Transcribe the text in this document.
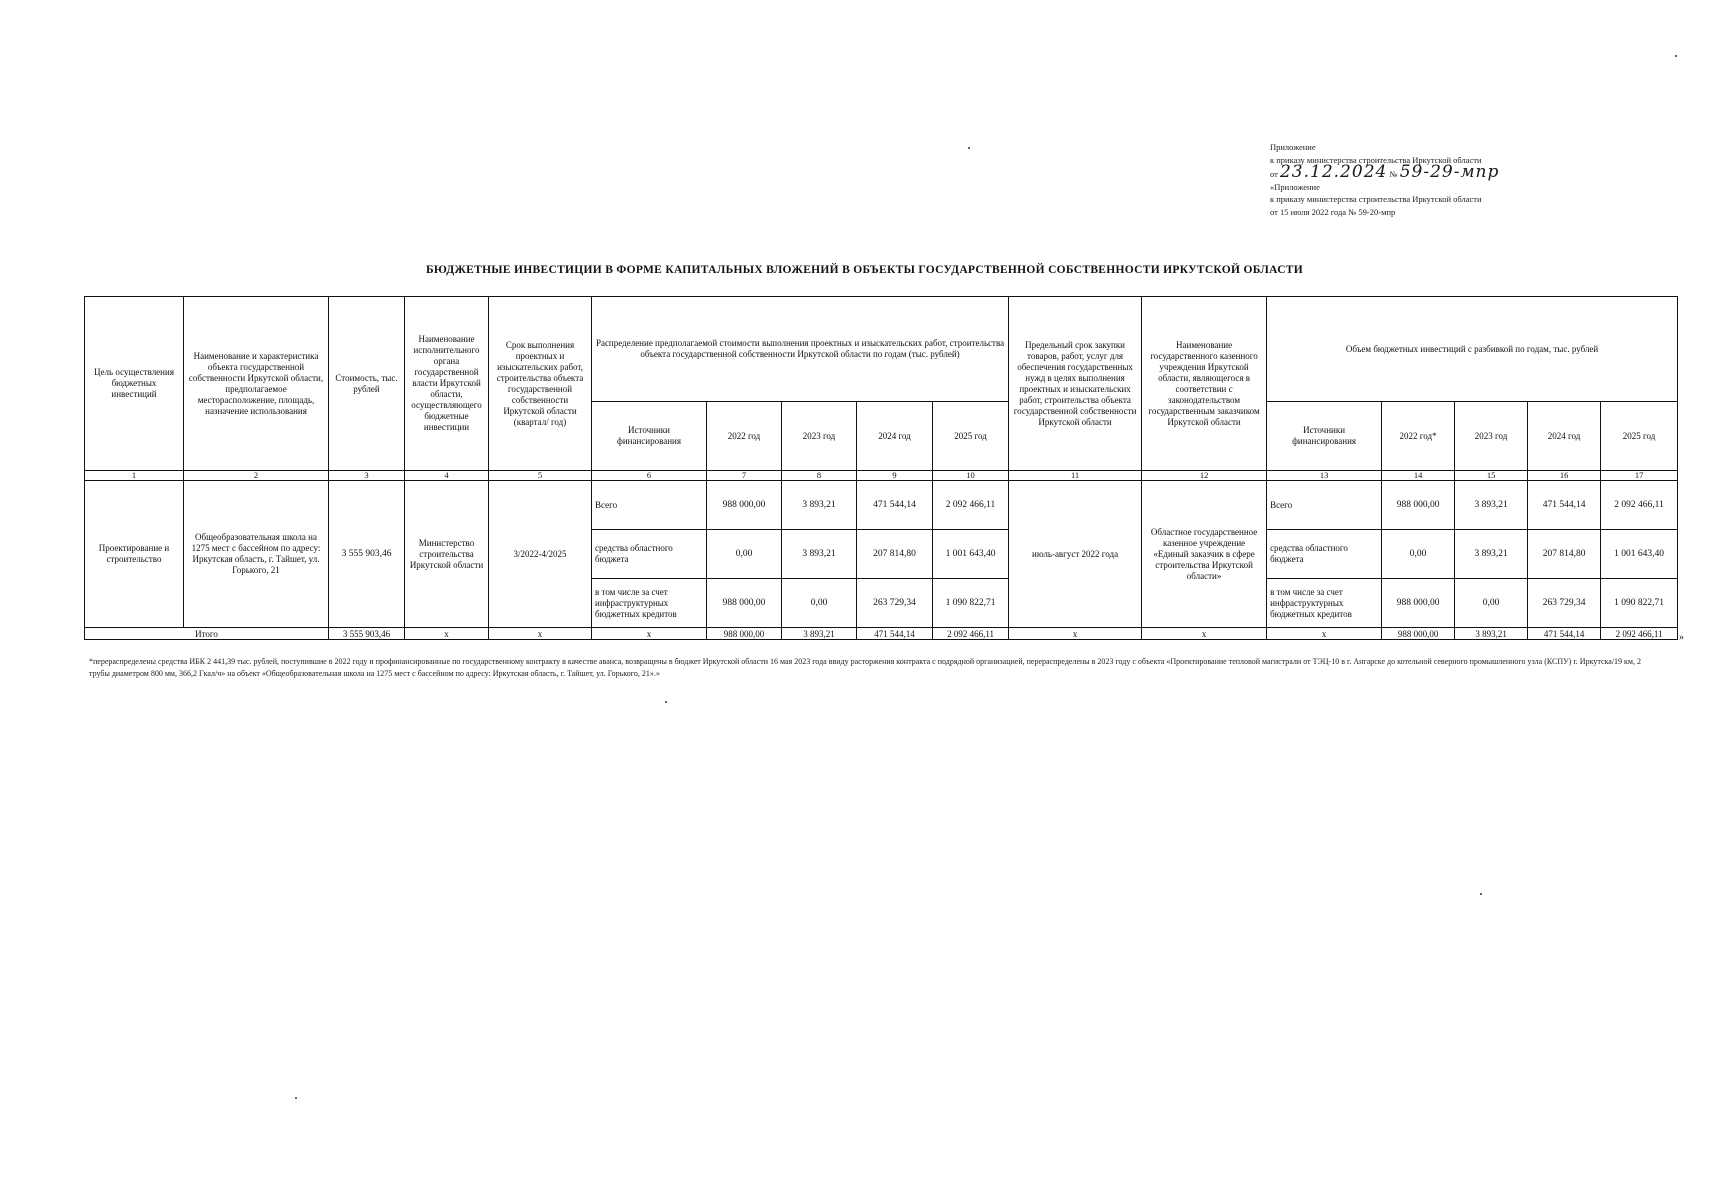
Приложение
к приказу министерства строительства Иркутской области
от 23.12.2024 № 59-29-мпр
«Приложение
к приказу министерства строительства Иркутской области
от 15 июля 2022 года № 59-20-мпр
БЮДЖЕТНЫЕ ИНВЕСТИЦИИ В ФОРМЕ КАПИТАЛЬНЫХ ВЛОЖЕНИЙ В ОБЪЕКТЫ ГОСУДАРСТВЕННОЙ СОБСТВЕННОСТИ ИРКУТСКОЙ ОБЛАСТИ
Цель осуществления бюджетных инвестиций	Наименование и характеристика объекта государственной собственности Иркутской области, предполагаемое месторасположение, площадь, назначение использования	Стоимость, тыс. рублей	Наименование исполнительного органа государственной власти Иркутской области, осуществляющего бюджетные инвестиции	Срок выполнения проектных и изыскательских работ, строительства объекта государственной собственности Иркутской области (квартал/ год)	Распределение предполагаемой стоимости выполнения проектных и изыскательских работ, строительства объекта государственной собственности Иркутской области по годам (тыс. рублей)					Предельный срок закупки товаров, работ, услуг для обеспечения государственных нужд в целях выполнения проектных и изыскательских работ, строительства объекта государственной собственности Иркутской области	Наименование государственного казенного учреждения Иркутской области, являющегося в соответствии с законодательством государственным заказчиком Иркутской области	Объем бюджетных инвестиций с разбивкой по годам, тыс. рублей				
					Источники финансирования	2022 год	2023 год	2024 год	2025 год			Источники финансирования	2022 год*	2023 год	2024 год	2025 год
1	2	3	4	5	6	7	8	9	10	11	12	13	14	15	16	17
Проектирование и строительство	Общеобразовательная школа на 1275 мест с бассейном по адресу: Иркутская область, г. Тайшет, ул. Горького, 21	3 555 903,46	Министерство строительства Иркутской области	3/2022-4/2025	Всего	988 000,00	3 893,21	471 544,14	2 092 466,11	июль-август 2022 года	Областное государственное казенное учреждение «Единый заказчик в сфере строительства Иркутской области»	Всего	988 000,00	3 893,21	471 544,14	2 092 466,11
					средства областного бюджета	0,00	3 893,21	207 814,80	1 001 643,40			средства областного бюджета	0,00	3 893,21	207 814,80	1 001 643,40
					в том числе за счет инфраструктурных бюджетных кредитов	988 000,00	0,00	263 729,34	1 090 822,71			в том числе за счет инфраструктурных бюджетных кредитов	988 000,00	0,00	263 729,34	1 090 822,71
Итого		3 555 903,46	х	х	х	988 000,00	3 893,21	471 544,14	2 092 466,11	х	х	х	988 000,00	3 893,21	471 544,14	2 092 466,11 »
*перераспределены средства ИБК 2 441,39 тыс. рублей, поступившие в 2022 году и профинансированные по государственному контракту в качестве аванса, возвращены в бюджет Иркутской области 16 мая 2023 года ввиду расторжения контракта с подрядной организацией, перераспределены в 2023 году с объекта «Проектирование тепловой магистрали от ТЭЦ-10 в г. Ангарске до котельной северного промышленного узла (КСПУ) г. Иркутска/19 км, 2 трубы диаметром 800 мм, 366,2 Гкал/ч» на объект «Общеобразовательная школа на 1275 мест с бассейном по адресу: Иркутская область, г. Тайшет, ул. Горького, 21».»
